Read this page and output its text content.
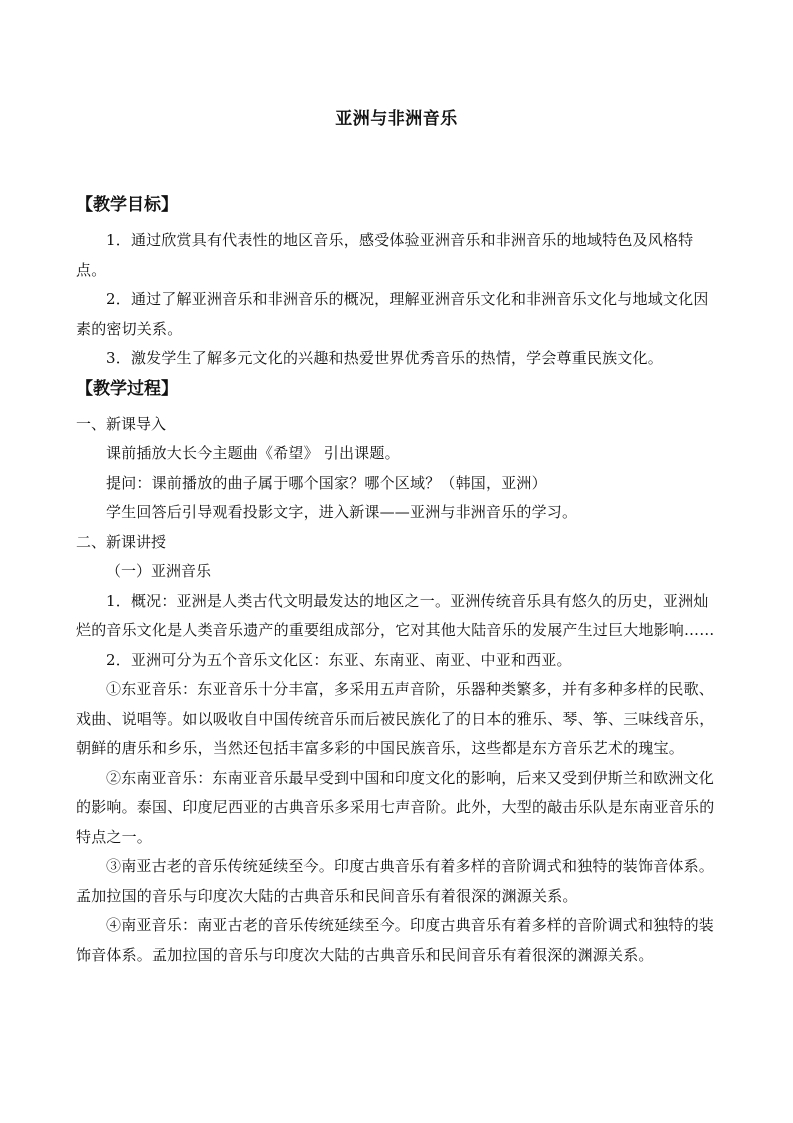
亚洲与非洲音乐
【教学目标】

1．通过欣赏具有代表性的地区音乐，感受体验亚洲音乐和非洲音乐的地域特色及风格特点。

2．通过了解亚洲音乐和非洲音乐的概况，理解亚洲音乐文化和非洲音乐文化与地域文化因素的密切关系。

3．激发学生了解多元文化的兴趣和热爱世界优秀音乐的热情，学会尊重民族文化。

【教学过程】

一、新课导入

课前插放大长今主题曲《希望》 引出课题。

提问：课前播放的曲子属于哪个国家？哪个区域？（韩国，亚洲）

学生回答后引导观看投影文字，进入新课——亚洲与非洲音乐的学习。

二、新课讲授

（一）亚洲音乐

1．概况：亚洲是人类古代文明最发达的地区之一。亚洲传统音乐具有悠久的历史，亚洲灿烂的音乐文化是人类音乐遗产的重要组成部分，它对其他大陆音乐的发展产生过巨大地影响……

2．亚洲可分为五个音乐文化区：东亚、东南亚、南亚、中亚和西亚。

①东亚音乐：东亚音乐十分丰富，多采用五声音阶，乐器种类繁多，并有多种多样的民歌、戏曲、说唱等。如以吸收自中国传统音乐而后被民族化了的日本的雅乐、琴、筝、三味线音乐，朝鲜的唐乐和乡乐，当然还包括丰富多彩的中国民族音乐，这些都是东方音乐艺术的瑰宝。

②东南亚音乐：东南亚音乐最早受到中国和印度文化的影响，后来又受到伊斯兰和欧洲文化的影响。泰国、印度尼西亚的古典音乐多采用七声音阶。此外，大型的敲击乐队是东南亚音乐的特点之一。

③南亚古老的音乐传统延续至今。印度古典音乐有着多样的音阶调式和独特的装饰音体系。孟加拉国的音乐与印度次大陆的古典音乐和民间音乐有着很深的渊源关系。

④南亚音乐：南亚古老的音乐传统延续至今。印度古典音乐有着多样的音阶调式和独特的装饰音体系。孟加拉国的音乐与印度次大陆的古典音乐和民间音乐有着很深的渊源关系。
